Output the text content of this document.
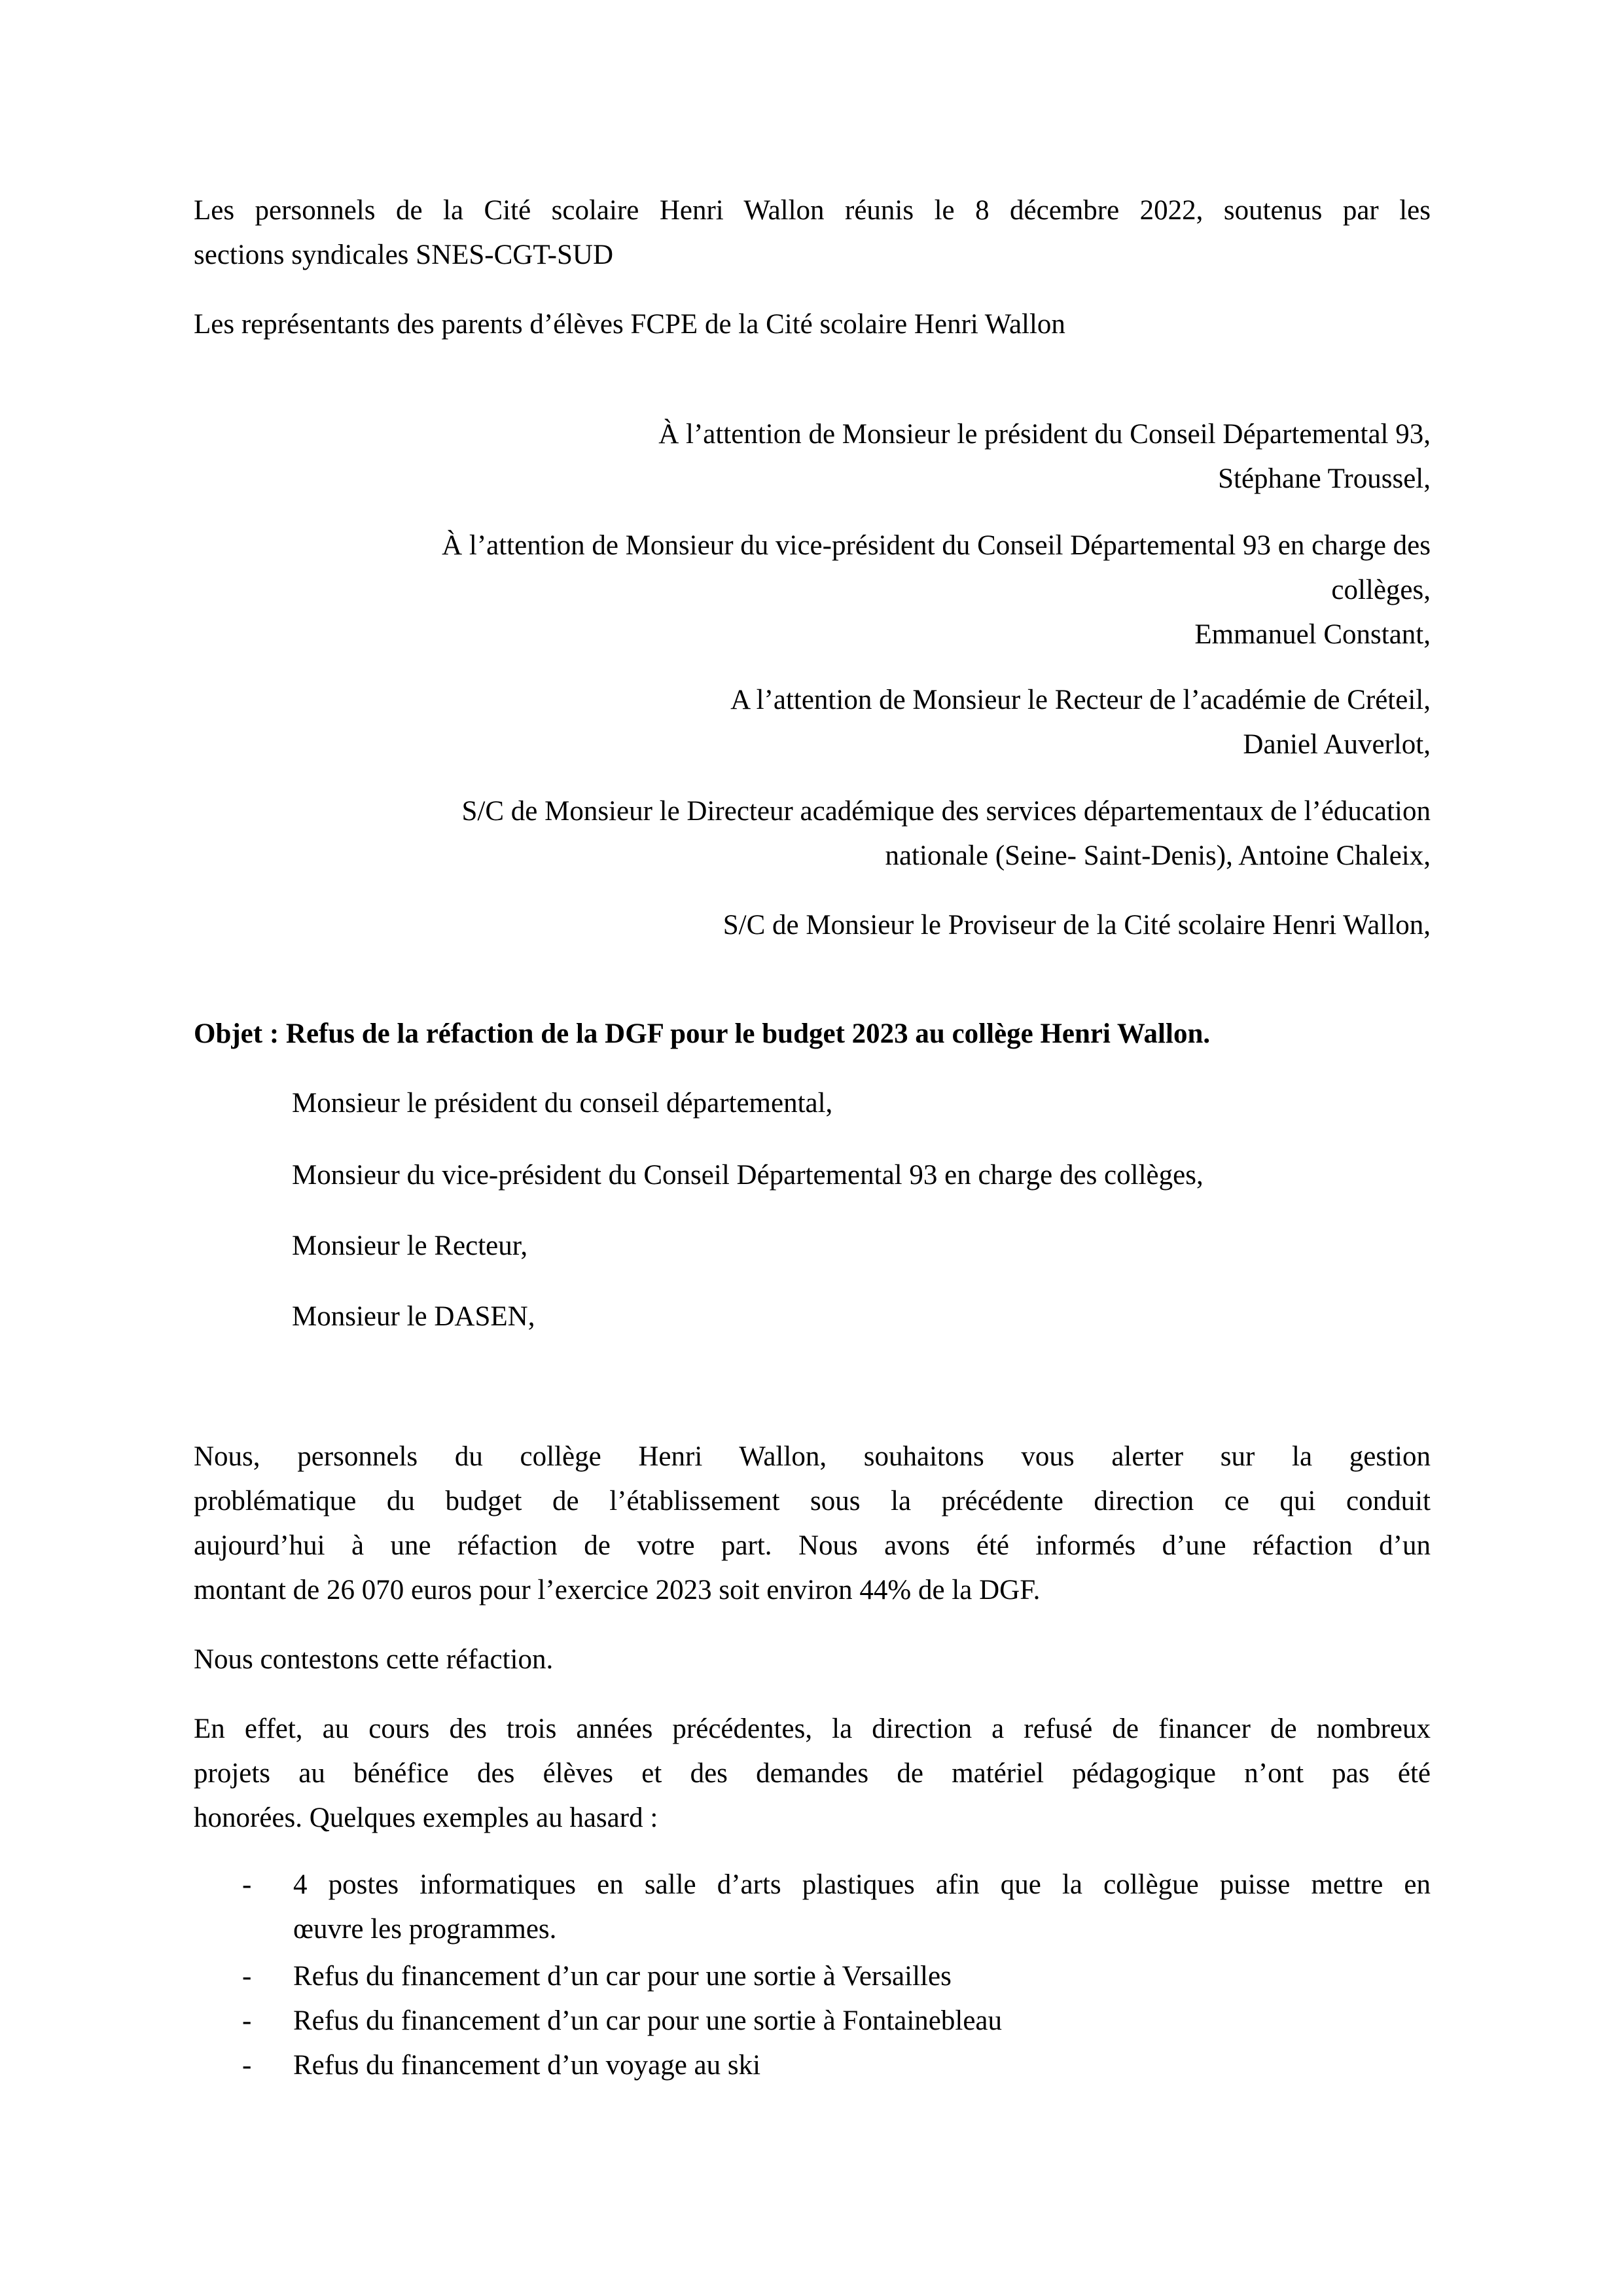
Les personnels de la Cité scolaire Henri Wallon réunis le 8 décembre 2022, soutenus par les
sections syndicales SNES-CGT-SUD

Les représentants des parents d’élèves FCPE de la Cité scolaire Henri Wallon

À l’attention de Monsieur le président du Conseil Départemental 93,
Stéphane Troussel,

À l’attention de Monsieur du vice-président du Conseil Départemental 93 en charge des
collèges,
Emmanuel Constant,

A l’attention de Monsieur le Recteur de l’académie de Créteil,
Daniel Auverlot,

S/C de Monsieur le Directeur académique des services départementaux de l’éducation
nationale (Seine- Saint-Denis), Antoine Chaleix,

S/C de Monsieur le Proviseur de la Cité scolaire Henri Wallon,

Objet : Refus de la réfaction de la DGF pour le budget 2023 au collège Henri Wallon.

Monsieur le président du conseil départemental,

Monsieur du vice-président du Conseil Départemental 93 en charge des collèges,

Monsieur le Recteur,

Monsieur le DASEN,

Nous, personnels du collège Henri Wallon, souhaitons vous alerter sur la gestion
problématique du budget de l’établissement sous la précédente direction ce qui conduit
aujourd’hui à une réfaction de votre part. Nous avons été informés d’une réfaction d’un
montant de 26 070 euros pour l’exercice 2023 soit environ 44% de la DGF.

Nous contestons cette réfaction.

En effet, au cours des trois années précédentes, la direction a refusé de financer de nombreux
projets au bénéfice des élèves et des demandes de matériel pédagogique n’ont pas été
honorées. Quelques exemples au hasard :

- 4 postes informatiques en salle d’arts plastiques afin que la collègue puisse mettre en
œuvre les programmes.
- Refus du financement d’un car pour une sortie à Versailles
- Refus du financement d’un car pour une sortie à Fontainebleau
- Refus du financement d’un voyage au ski
